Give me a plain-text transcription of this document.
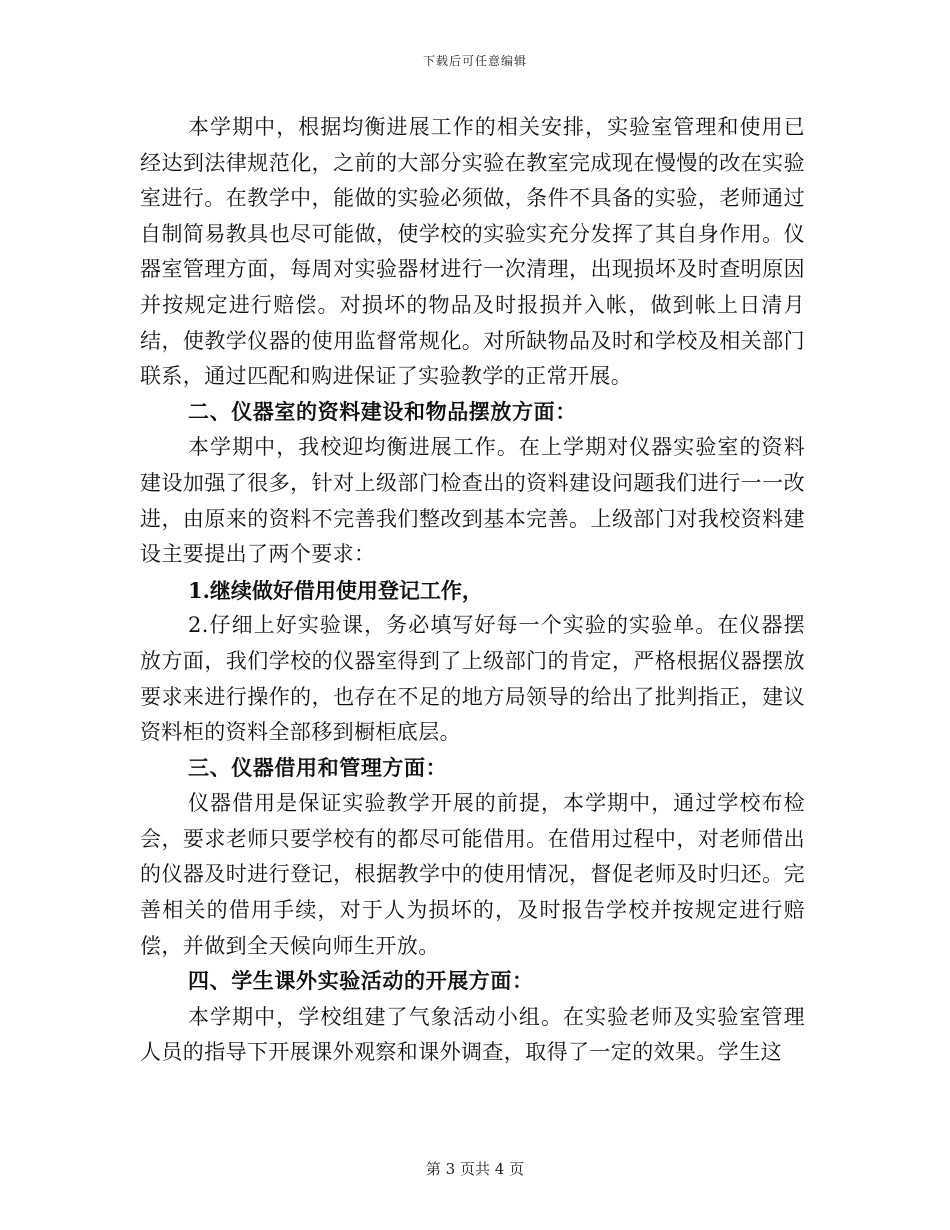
下载后可任意编辑

本学期中，根据均衡进展工作的相关安排，实验室管理和使用已经达到法律规范化，之前的大部分实验在教室完成现在慢慢的改在实验室进行。在教学中，能做的实验必须做，条件不具备的实验，老师通过自制简易教具也尽可能做，使学校的实验实充分发挥了其自身作用。仪器室管理方面，每周对实验器材进行一次清理，出现损坏及时查明原因并按规定进行赔偿。对损坏的物品及时报损并入帐，做到帐上日清月结，使教学仪器的使用监督常规化。对所缺物品及时和学校及相关部门联系，通过匹配和购进保证了实验教学的正常开展。

二、仪器室的资料建设和物品摆放方面：

本学期中，我校迎均衡进展工作。在上学期对仪器实验室的资料建设加强了很多，针对上级部门检查出的资料建设问题我们进行一一改进，由原来的资料不完善我们整改到基本完善。上级部门对我校资料建设主要提出了两个要求：

1.继续做好借用使用登记工作，

2.仔细上好实验课，务必填写好每一个实验的实验单。在仪器摆放方面，我们学校的仪器室得到了上级部门的肯定，严格根据仪器摆放要求来进行操作的，也存在不足的地方局领导的给出了批判指正，建议资料柜的资料全部移到橱柜底层。

三、仪器借用和管理方面：

仪器借用是保证实验教学开展的前提，本学期中，通过学校布检会，要求老师只要学校有的都尽可能借用。在借用过程中，对老师借出的仪器及时进行登记，根据教学中的使用情况，督促老师及时归还。完善相关的借用手续，对于人为损坏的，及时报告学校并按规定进行赔偿，并做到全天候向师生开放。

四、学生课外实验活动的开展方面：

本学期中，学校组建了气象活动小组。在实验老师及实验室管理人员的指导下开展课外观察和课外调查，取得了一定的效果。学生这

第 3 页共 4 页
